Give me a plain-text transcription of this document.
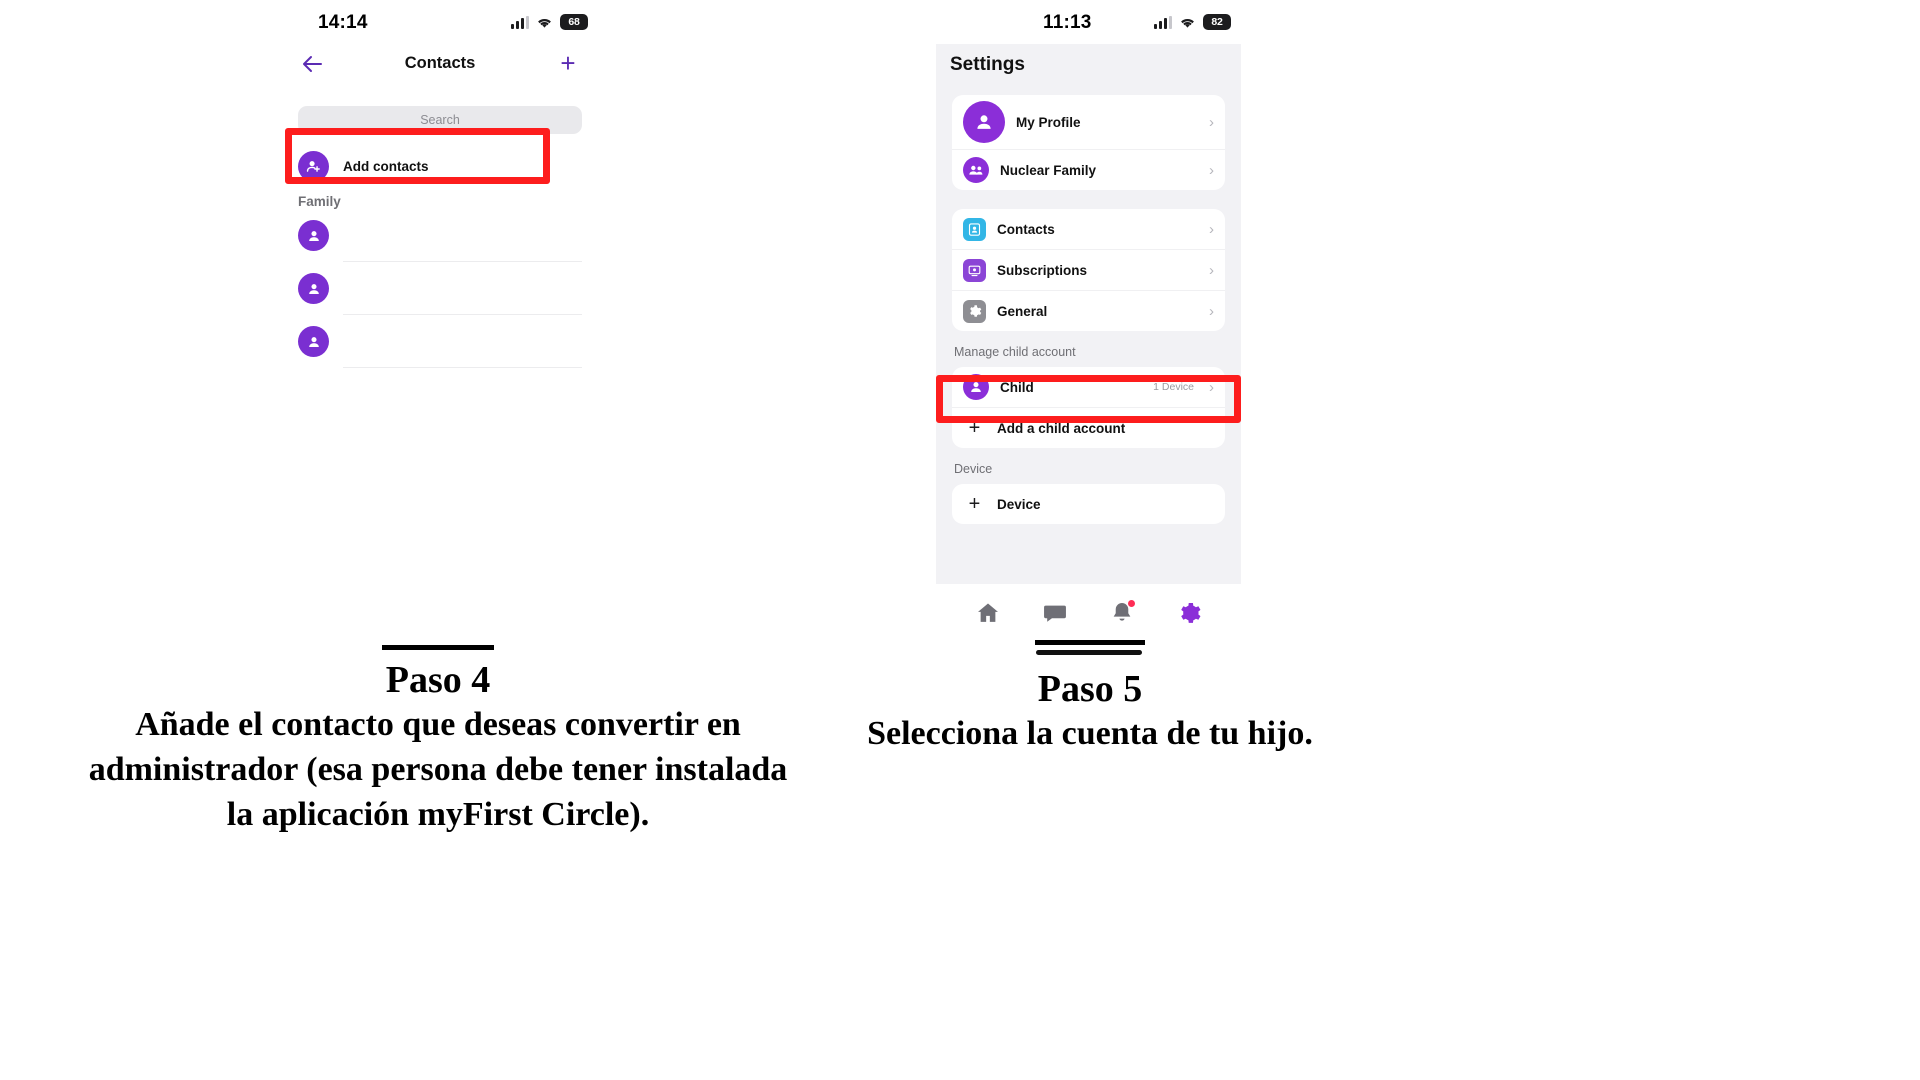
14:14	68
Contacts	+
Search
Add contacts
Family
11:13	82
Settings
My Profile	›
Nuclear Family	›
Contacts	›
Subscriptions	›
General	›
Manage child account
Child	1 Device ›
+	Add a child account
Device
+	Device
Paso 4
Añade el contacto que deseas convertir en administrador (esa persona debe tener instalada la aplicación myFirst Circle).
Paso 5
Selecciona la cuenta de tu hijo.
